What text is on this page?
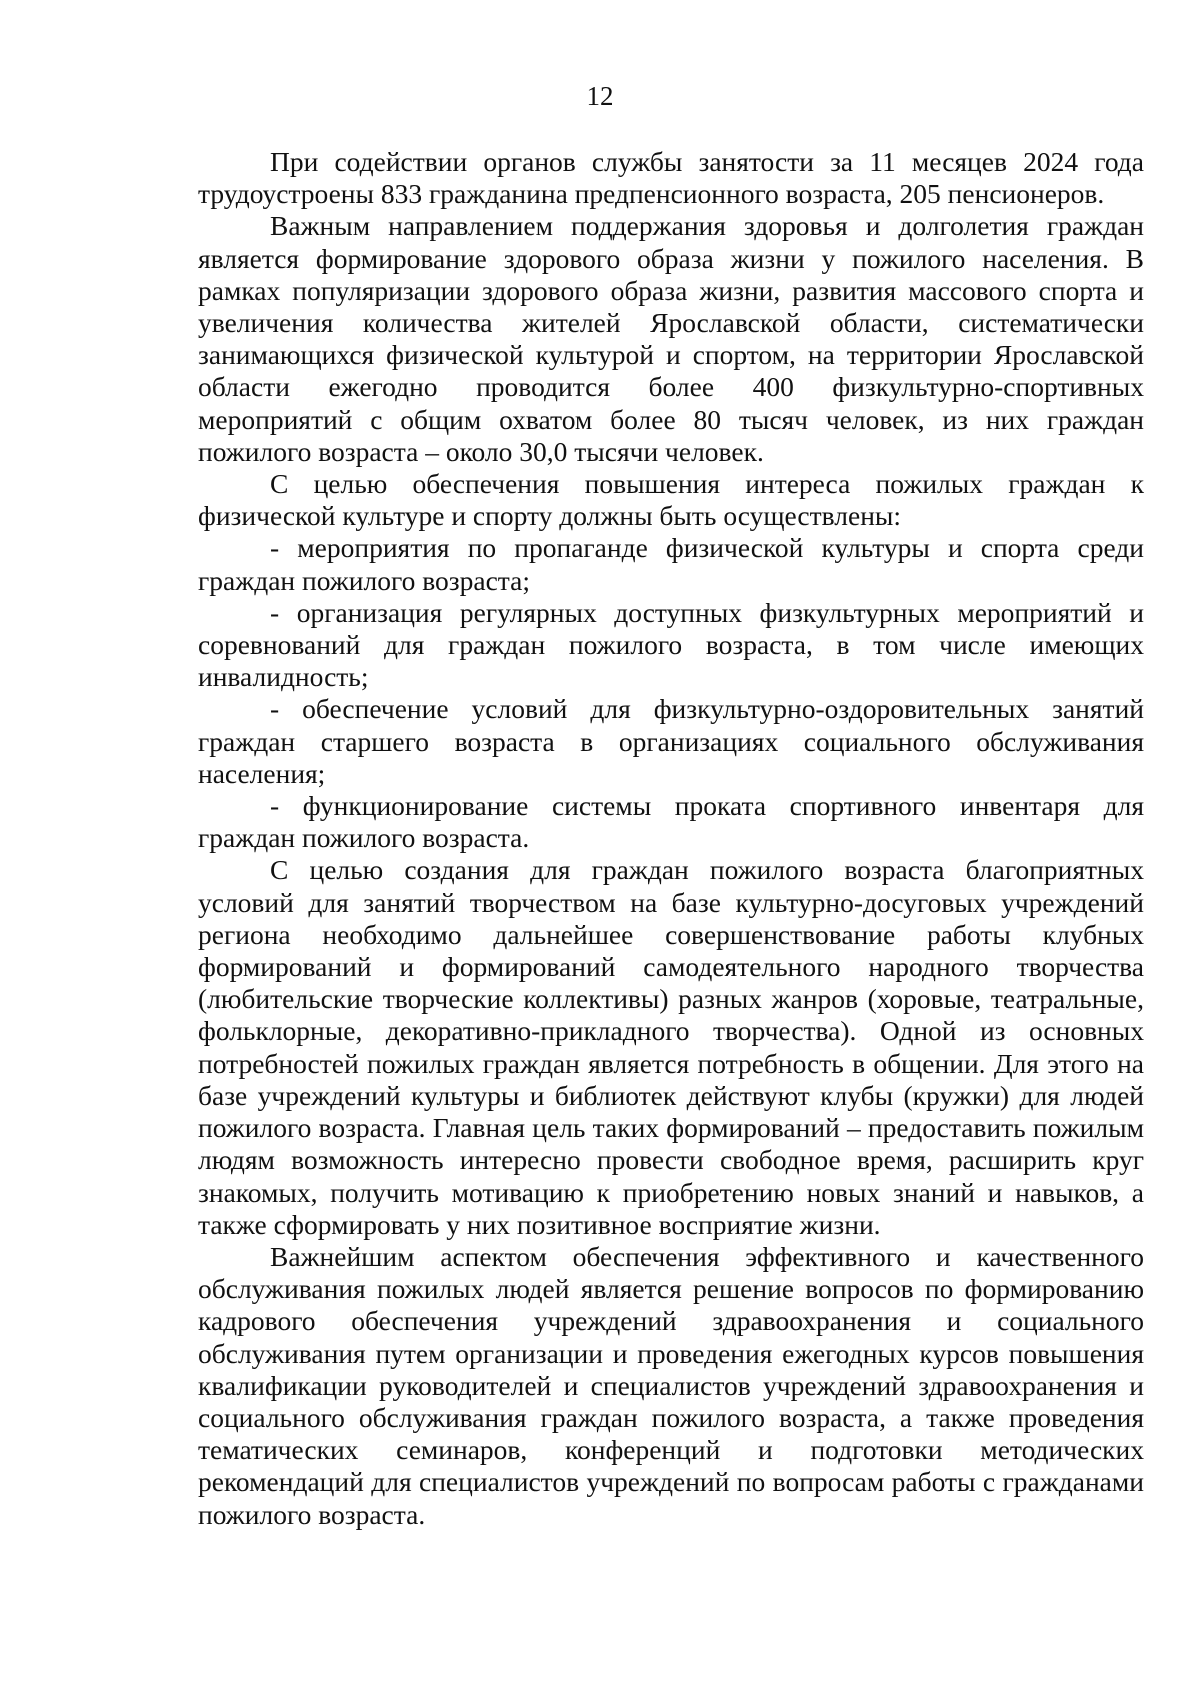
12

При содействии органов службы занятости за 11 месяцев 2024 года трудоустроены 833 гражданина предпенсионного возраста, 205 пенсионеров.

Важным направлением поддержания здоровья и долголетия граждан является формирование здорового образа жизни у пожилого населения. В рамках популяризации здорового образа жизни, развития массового спорта и увеличения количества жителей Ярославской области, систематически занимающихся физической культурой и спортом, на территории Ярославской области ежегодно проводится более 400 физкультурно-спортивных мероприятий с общим охватом более 80 тысяч человек, из них граждан пожилого возраста – около 30,0 тысячи человек.

С целью обеспечения повышения интереса пожилых граждан к физической культуре и спорту должны быть осуществлены:

- мероприятия по пропаганде физической культуры и спорта среди граждан пожилого возраста;

- организация регулярных доступных физкультурных мероприятий и соревнований для граждан пожилого возраста, в том числе имеющих инвалидность;

- обеспечение условий для физкультурно-оздоровительных занятий граждан старшего возраста в организациях социального обслуживания населения;

- функционирование системы проката спортивного инвентаря для граждан пожилого возраста.

С целью создания для граждан пожилого возраста благоприятных условий для занятий творчеством на базе культурно-досуговых учреждений региона необходимо дальнейшее совершенствование работы клубных формирований и формирований самодеятельного народного творчества (любительские творческие коллективы) разных жанров (хоровые, театральные, фольклорные, декоративно-прикладного творчества). Одной из основных потребностей пожилых граждан является потребность в общении. Для этого на базе учреждений культуры и библиотек действуют клубы (кружки) для людей пожилого возраста. Главная цель таких формирований – предоставить пожилым людям возможность интересно провести свободное время, расширить круг знакомых, получить мотивацию к приобретению новых знаний и навыков, а также сформировать у них позитивное восприятие жизни.

Важнейшим аспектом обеспечения эффективного и качественного обслуживания пожилых людей является решение вопросов по формированию кадрового обеспечения учреждений здравоохранения и социального обслуживания путем организации и проведения ежегодных курсов повышения квалификации руководителей и специалистов учреждений здравоохранения и социального обслуживания граждан пожилого возраста, а также проведения тематических семинаров, конференций и подготовки методических рекомендаций для специалистов учреждений по вопросам работы с гражданами пожилого возраста.
